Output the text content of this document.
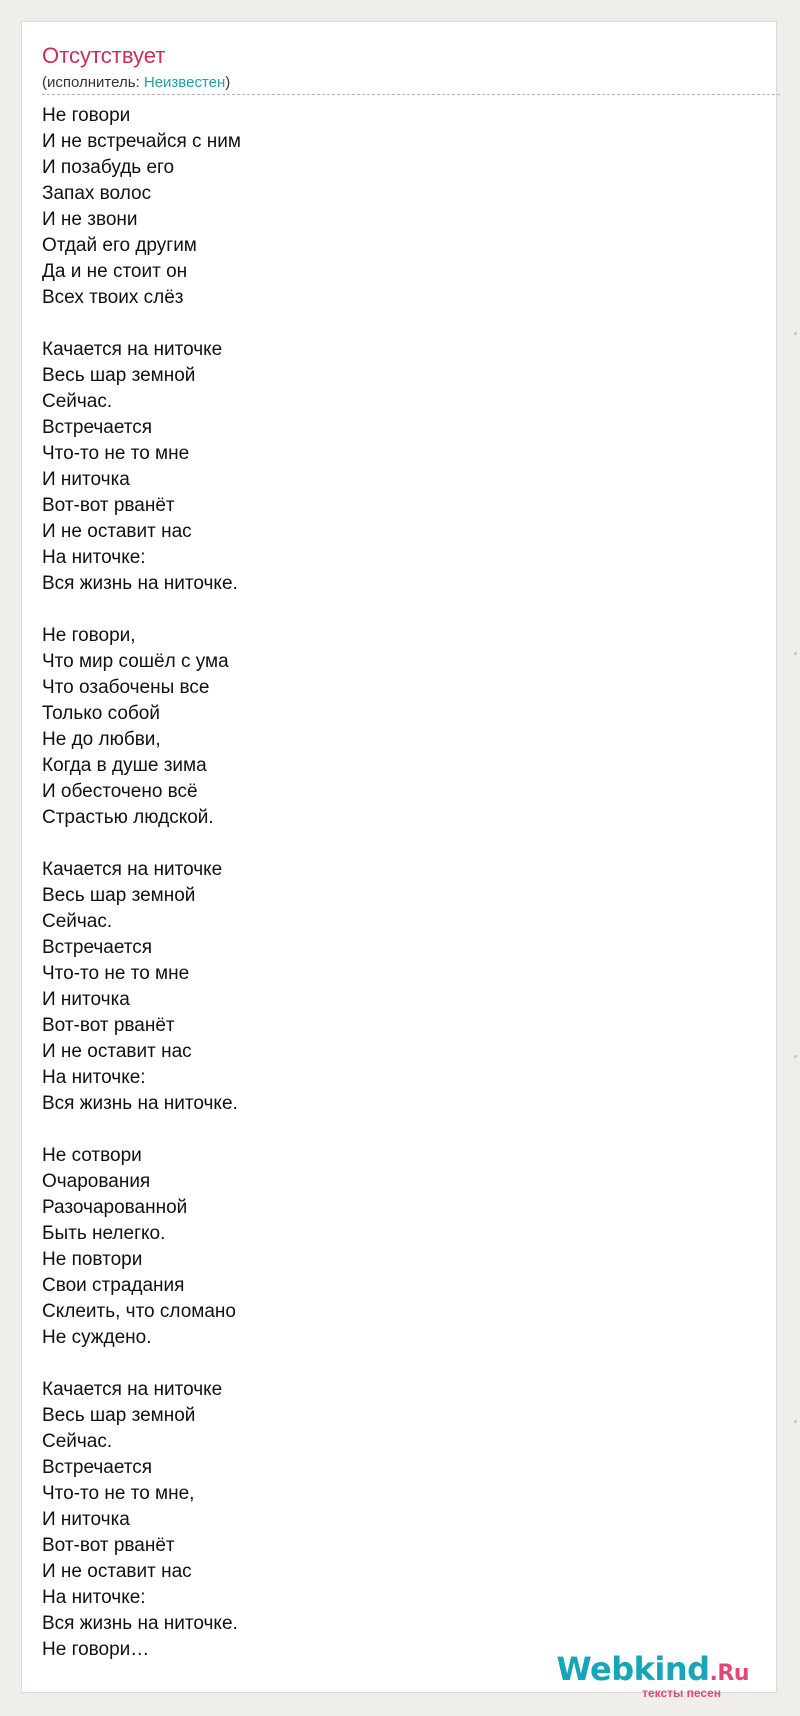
Отсутствует
(исполнитель: Неизвестен)
Не говори
И не встречайся с ним
И позабудь его
Запах волос
И не звони
Отдай его другим
Да и не стоит он
Всех твоих слёз
Качается на ниточке
Весь шар земной
Сейчас.
Встречается
Что-то не то мне
И ниточка
Вот-вот рванёт
И не оставит нас
На ниточке:
Вся жизнь на ниточке.
Не говори,
Что мир сошёл с ума
Что озабочены все
Только собой
Не до любви,
Когда в душе зима
И обесточено всё
Страстью людской.
Качается на ниточке
Весь шар земной
Сейчас.
Встречается
Что-то не то мне
И ниточка
Вот-вот рванёт
И не оставит нас
На ниточке:
Вся жизнь на ниточке.
Не сотвори
Очарования
Разочарованной
Быть нелегко.
Не повтори
Свои страдания
Склеить, что сломано
Не суждено.
Качается на ниточке
Весь шар земной
Сейчас.
Встречается
Что-то не то мне,
И ниточка
Вот-вот рванёт
И не оставит нас
На ниточке:
Вся жизнь на ниточке.
Не говори…
Webkind.Ru
тексты песен
